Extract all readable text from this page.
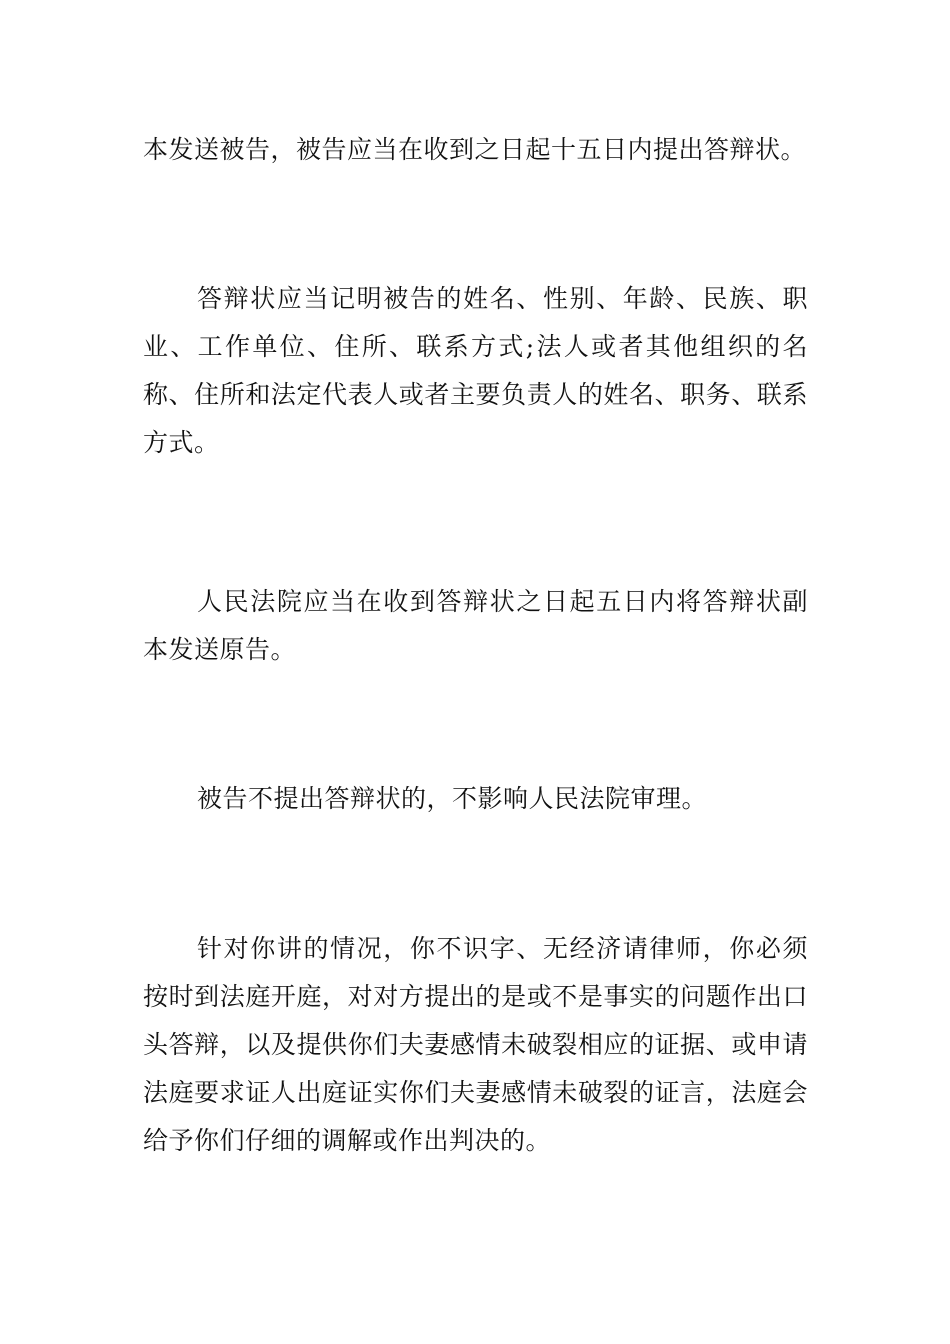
本发送被告，被告应当在收到之日起十五日内提出答辩状。

答辩状应当记明被告的姓名、性别、年龄、民族、职业、工作单位、住所、联系方式;法人或者其他组织的名称、住所和法定代表人或者主要负责人的姓名、职务、联系方式。

人民法院应当在收到答辩状之日起五日内将答辩状副本发送原告。

被告不提出答辩状的，不影响人民法院审理。

针对你讲的情况，你不识字、无经济请律师，你必须按时到法庭开庭，对对方提出的是或不是事实的问题作出口头答辩，以及提供你们夫妻感情未破裂相应的证据、或申请法庭要求证人出庭证实你们夫妻感情未破裂的证言，法庭会给予你们仔细的调解或作出判决的。
